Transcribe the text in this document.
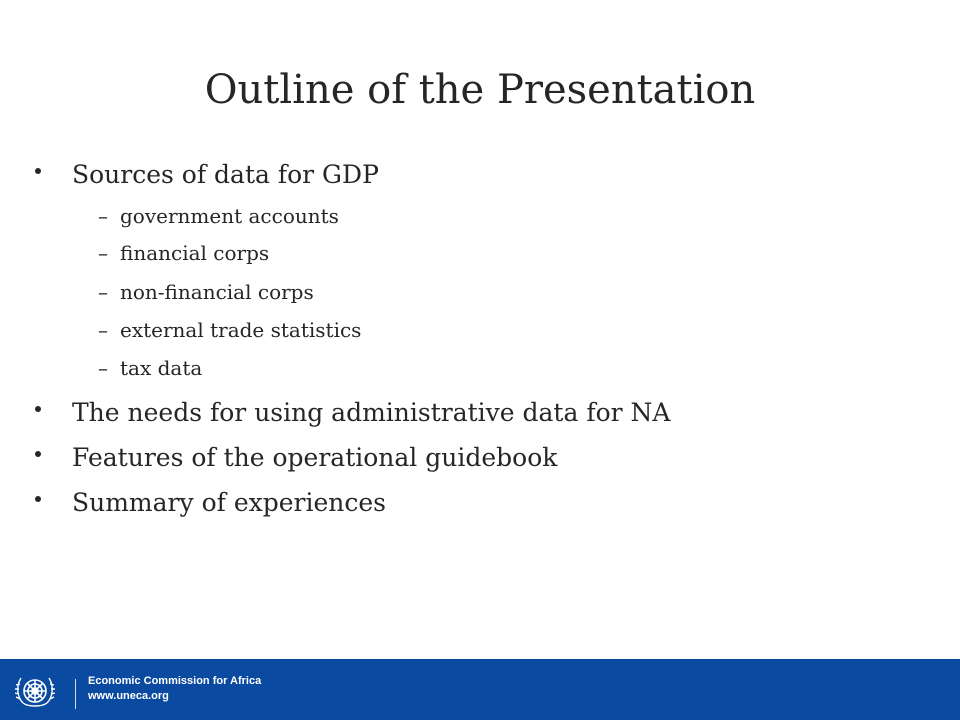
Outline of the Presentation
Sources of data for GDP
– government accounts
– financial corps
– non-financial corps
– external trade statistics
– tax data
The needs for using administrative data for NA
Features of the operational guidebook
Summary of experiences
Economic Commission for Africa
www.uneca.org
